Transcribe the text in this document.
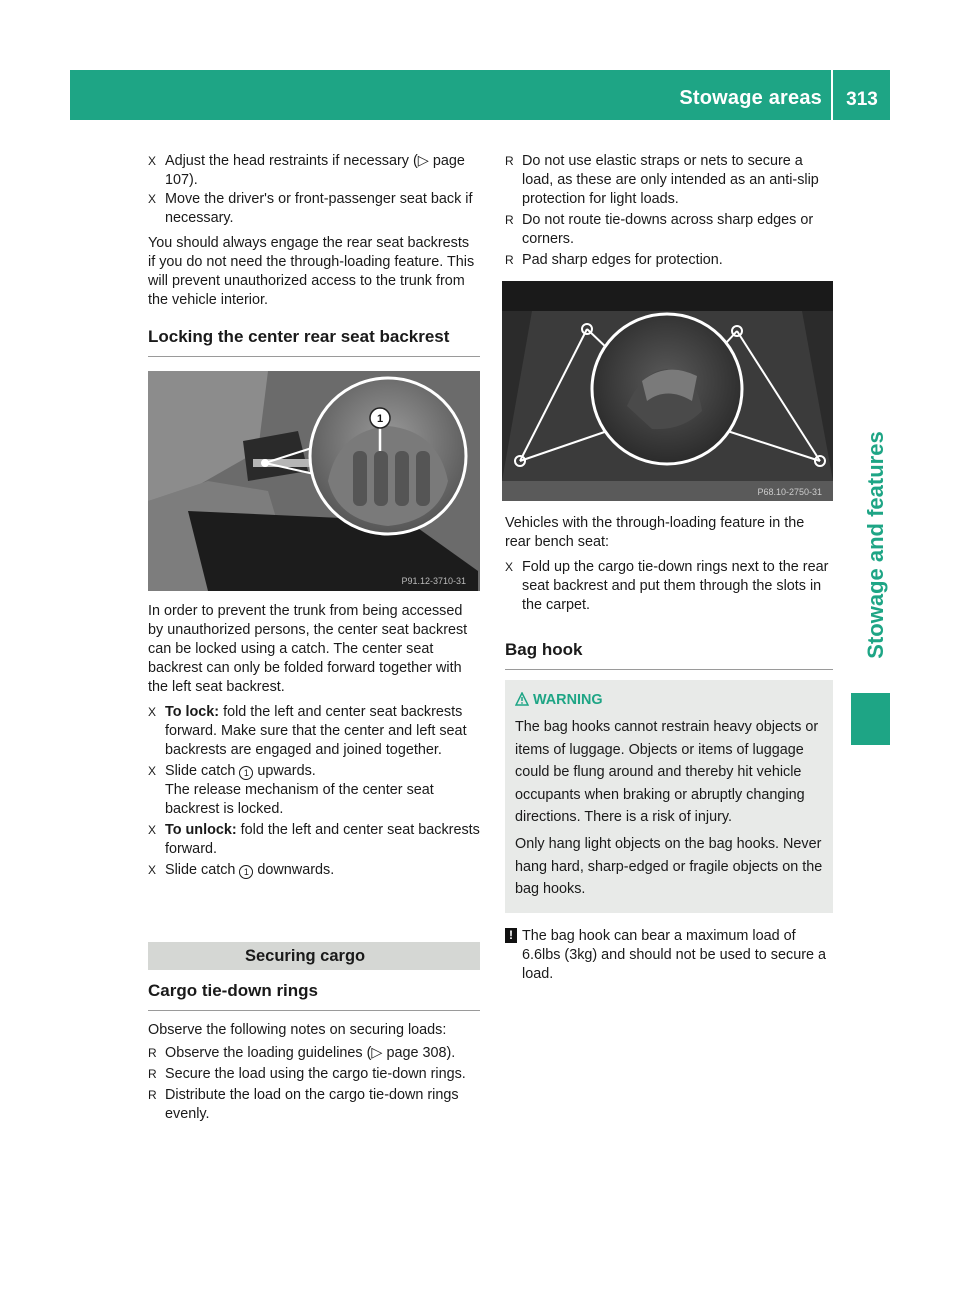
Stowage areas	313
Stowage and features
X Adjust the head restraints if necessary (▷ page 107).
X Move the driver's or front-passenger seat back if necessary.

You should always engage the rear seat backrests if you do not need the through-loading feature. This will prevent unauthorized access to the trunk from the vehicle interior.

Locking the center rear seat backrest
1
P91.12-3710-31

In order to prevent the trunk from being accessed by unauthorized persons, the center seat backrest can be locked using a catch. The center seat backrest can only be folded forward together with the left seat backrest.

X To lock: fold the left and center seat backrests forward. Make sure that the center and left seat backrests are engaged and joined together.
X Slide catch 1 upwards.
The release mechanism of the center seat backrest is locked.
X To unlock: fold the left and center seat backrests forward.
X Slide catch 1 downwards.
Securing cargo
Cargo tie-down rings

Observe the following notes on securing loads:

R Observe the loading guidelines (▷ page 308).
R Secure the load using the cargo tie-down rings.
R Distribute the load on the cargo tie-down rings evenly.
R Do not use elastic straps or nets to secure a load, as these are only intended as an anti-slip protection for light loads.
R Do not route tie-downs across sharp edges or corners.
R Pad sharp edges for protection.
P68.10-2750-31

Vehicles with the through-loading feature in the rear bench seat:

X Fold up the cargo tie-down rings next to the rear seat backrest and put them through the slots in the carpet.
Bag hook
WARNING

The bag hooks cannot restrain heavy objects or items of luggage. Objects or items of luggage could be flung around and thereby hit vehicle occupants when braking or abruptly changing directions. There is a risk of injury.

Only hang light objects on the bag hooks. Never hang hard, sharp-edged or fragile objects on the bag hooks.

! The bag hook can bear a maximum load of 6.6lbs (3kg) and should not be used to secure a load.
